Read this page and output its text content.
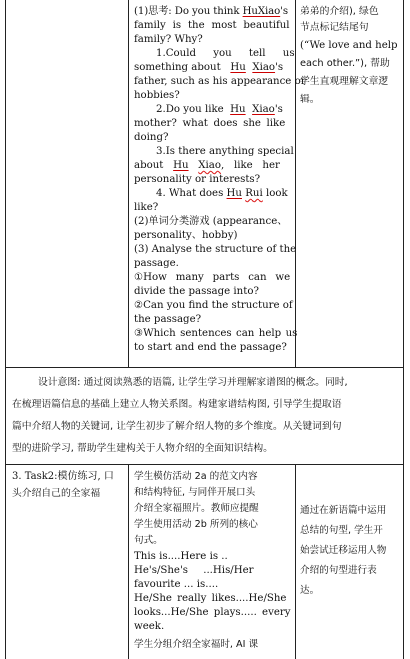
(1)思考: Do you think HuXiao's
family is the most beautiful
family? Why?
1.Could you tell us
something about   Hu Xiao's
father, such as his appearance or
hobbies?
2.Do you like  Hu Xiao's
mother? what does she like
doing?
3.Is there anything special
about   Hu Xiao,   like   her
personality or interests?
4. What does Hu Rui look
like?
(2)单词分类游戏 (appearance、
personality、hobby)
(3) Analyse the structure of the
passage.
①How many parts can we
divide the passage into?
②Can you find the structure of
the passage?
③Which sentences can help us
to start and end the passage?
弟弟的介绍), 绿色
节点标记结尾句
(“We love and help
each other.”), 帮助
学生直观理解文章逻
辑。
设计意图: 通过阅读熟悉的语篇, 让学生学习并理解家谱图的概念。同时,
在梳理语篇信息的基础上建立人物关系图。构建家谱结构图, 引导学生提取语
篇中介绍人物的关键词, 让学生初步了解介绍人物的多个维度。从关键词到句
型的进阶学习, 帮助学生建构关于人物介绍的全面知识结构。
3. Task2:模仿练习, 口
头介绍自己的全家福
学生模仿活动 2a 的范文内容
和结构特征, 与同伴开展口头
介绍全家福照片。教师应提醒
学生使用活动 2b 所列的核心
句式。
This is....Here is ..
He's/She's ...His/Her
favourite ... is....
He/She really likes....He/She
looks...He/She plays..... every
week.
学生分组介绍全家福时, AI 课
通过在新语篇中运用
总结的句型, 学生开
始尝试迁移运用人物
介绍的句型进行表
达。
